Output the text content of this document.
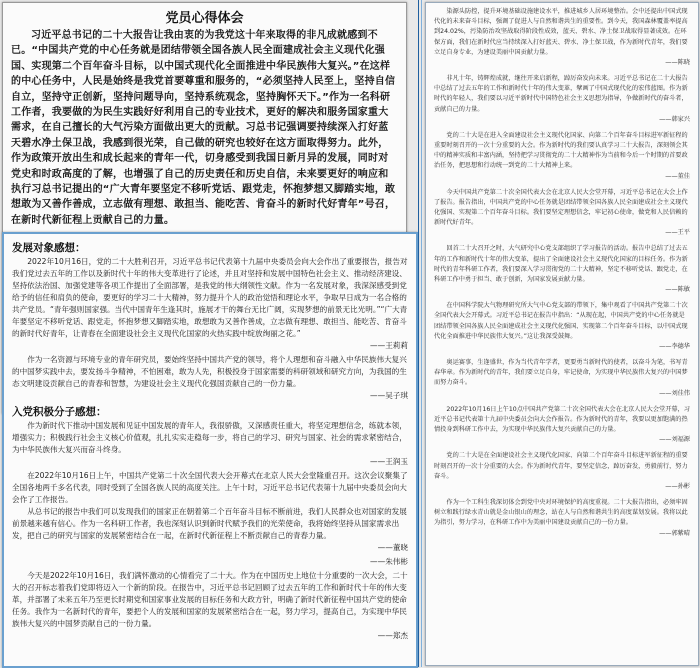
党员心得体会

习近平总书记的二十大报告让我由衷的为我党这十年来取得的非凡成就感到不已。“中国共产党的中心任务就是团结带领全国各族人民全面建成社会主义现代化强国、实现第二个百年奋斗目标，以中国式现代化全面推进中华民族伟大复兴。”在这样的中心任务中，人民是始终是我党首要尊重和服务的，“必须坚持人民至上，坚持自信自立，坚持守正创新，坚持问题导向，坚持系统观念，坚持胸怀天下。”作为一名科研工作者，我要做的为民生实践好好利用自己的专业技术，更好的解决和服务国家重大需求，在自己擅长的大气污染方面做出更大的贡献。习总书记强调要持续深入打好蓝天碧水净土保卫战，我感到很光荣，自己做的研究也较好在这方面取得努力。此外，作为政策开放出生和成长起来的青年一代，切身感受到我国日新月异的发展，同时对党史和时政高度的了解，也增强了自己的历史责任和历史自信，未来要更好的响应和执行习总书记提出的“广大青年要坚定不移听党话、跟党走，怀抱梦想又脚踏实地，敢想敢为又善作善成，立志做有理想、敢担当、能吃苦、肯奋斗的新时代好青年”号召，在新时代新征程上贡献自己的力量。

染源头防控，提升环境基础设施建设水平，推进城乡人居环境整治。会中还提出中国式现代化的未来奋斗目标，强调了促进人与自然和谐共生的重要性。到今天，我国森林覆盖率提高到24.02%，污染防治攻坚战取得阶段性成效，蓝天、碧水、净土保卫战取得显著成效。在环保方面，我们在新时代应当持续深入打好蓝天、碧水、净土保卫战，作为新时代青年，我们要立足自身专业，为建设美丽中国贡献力量。

——陈晓

非凡十年，铸辉煌成就，继往开来启新程，踔厉奋发向未来。习近平总书记在二十大报告中总结了过去五年的工作和新时代十年的伟大变革，擘画了中国式现代化的宏伟蓝图。作为新时代的年轻人，我们要以习近平新时代中国特色社会主义思想为指导，争做新时代的奋斗者，贡献自己的力量。

——韩家兴

党的二十大是在进入全面建设社会主义现代化国家、向第二个百年奋斗目标进军新征程的重要时刻召开的一次十分重要的大会。作为新时代的我们要认真学习二十大报告，深刻领会其中的精神实质和丰富内涵，坚持把学习贯彻党的二十大精神作为当前和今后一个时期的首要政治任务，把思想和行动统一到党的二十大精神上来。

——董佳

今天中国共产党第二十次全国代表大会在北京人民大会堂开幕，习近平总书记在大会上作了报告。报告指出，中国共产党的中心任务就是团结带领全国各族人民全面建成社会主义现代化强国、实现第二个百年奋斗目标。我们要坚定理想信念，牢记初心使命，做党和人民信赖的新时代好青年。

——王平

回首二十大召开之时，大气研究中心党支部组织了学习报告的活动。报告中总结了过去五年的工作和新时代十年的伟大变革，提出了全面建设社会主义现代化国家的目标任务。作为新时代的青年科研工作者，我们要深入学习贯彻党的二十大精神，坚定不移听党话、跟党走，在科研工作中勇于担当、敢于创新，为国家发展贡献力量。

——陈敏

在中国科学院大气物理研究所大气中心党支部的带领下，集中观看了中国共产党第二十次全国代表大会开幕式。习近平总书记在报告中指出：“从现在起，中国共产党的中心任务就是团结带领全国各族人民全面建成社会主义现代化强国、实现第二个百年奋斗目标，以中国式现代化全面推进中华民族伟大复兴。”这让我深受鼓舞。

——李德华

奥运赛事，生逢盛世，作为当代青年学者，更要勇当新时代的使者，以奋斗为笔，书写青春华章。作为新时代的青年，我们要立足自身，牢记使命，为实现中华民族伟大复兴的中国梦而努力奋斗。

——刘佳伟

2022年10月16日上午10点中国共产党第二十次全国代表大会在北京人民大会堂开幕，习近平总书记代表第十九届中央委员会向大会作报告。作为新时代的青年，我要以更加饱满的热情投身到科研工作中去，为实现中华民族伟大复兴贡献自己的力量。

——刘福源

党的二十大是在全面建设社会主义现代化国家、向第二个百年奋斗目标进军新征程的重要时刻召开的一次十分重要的大会。作为新时代青年，要坚定信念，踔厉奋发，勇毅前行，努力奋斗。

——孙彬

作为一个工科生我深切体会到党中央对环境保护的高度重视。二十大报告指出，必须牢固树立和践行绿水青山就是金山银山的理念，站在人与自然和谐共生的高度谋划发展。我将以此为指引，努力学习，在科研工作中为美丽中国建设贡献自己的一份力量。

——郭紫晴
发展对象感想：

2022年10月16日，党的二十大胜利召开，习近平总书记代表第十九届中央委员会向大会作出了重要报告，报告对我们党过去五年的工作以及新时代十年的伟大变革进行了论述，并且对坚持和发展中国特色社会主义、推动经济建设、坚持依法治国、加强党建等各项工作提出了全面部署，是我党的伟大纲领性文献。作为一名发展对象，我深深感受到党给予的信任和肩负的使命，要更好的学习二十大精神，努力提升个人的政治觉悟和理论水平，争取早日成为一名合格的共产党员。“青年强则国家强。当代中国青年生逢其时，施展才干的舞台无比广阔，实现梦想的前景无比光明。”“广大青年要坚定不移听党话、跟党走，怀抱梦想又脚踏实地，敢想敢为又善作善成，立志做有理想、敢担当、能吃苦、肯奋斗的新时代好青年，让青春在全面建设社会主义现代化国家的火热实践中绽放绚丽之花。”

——王莉莉

作为一名资源与环境专业的青年研究员，要始终坚持中国共产党的领导，将个人理想和奋斗融入中华民族伟大复兴的中国梦实践中去，要发扬斗争精神，不怕困难，敢为人先，积极投身于国家需要的科研领域和研究方向，为我国的生态文明建设贡献自己的青春和智慧，为建设社会主义现代化强国贡献自己的一份力量。

——吴子琪
入党积极分子感想：

作为新时代下推动中国发展和见证中国发展的青年人，我很骄傲，又深感责任重大，将坚定理想信念，练就本领，增强实力；积极践行社会主义核心价值观，扎扎实实走稳每一步，将自己的学习、研究与国家、社会的需求紧密结合，为中华民族伟大复兴而奋斗终身。

——王润玉

在2022年10月16日上午，中国共产党第二十次全国代表大会开幕式在北京人民大会堂隆重召开。这次会议聚集了全国各地两千多名代表，同时受到了全国各族人民的高度关注。上午十时，习近平总书记代表第十九届中央委员会向大会作了工作报告。

从总书记的报告中我们可以发现我们的国家正在朝着第二个百年奋斗目标不断前进，我们人民群众也对国家的发展前景越来越有信心。作为一名科研工作者，我也深刻认识到新时代赋予我们的光荣使命，我将始终坚持从国家需求出发，把自己的研究与国家的发展紧密结合在一起，在新时代新征程上不断贡献自己的青春力量。

——董晓
——朱伟彬

今天是2022年10月16日，我们满怀激动的心情看完了二十大。作为在中国历史上地位十分重要的一次大会，二十大的召开标志着我们党即将迈入一个新的阶段。在报告中，习近平总书记回顾了过去五年的工作和新时代十年的伟大变革，并部署了未来五年乃至更长时期党和国家事业发展的目标任务和大政方针，明确了新时代新征程中国共产党的使命任务。我作为一名新时代的青年，要把个人的发展和国家的发展紧密结合在一起，努力学习，提高自己，为实现中华民族伟大复兴的中国梦贡献自己的一份力量。

——郑杰
